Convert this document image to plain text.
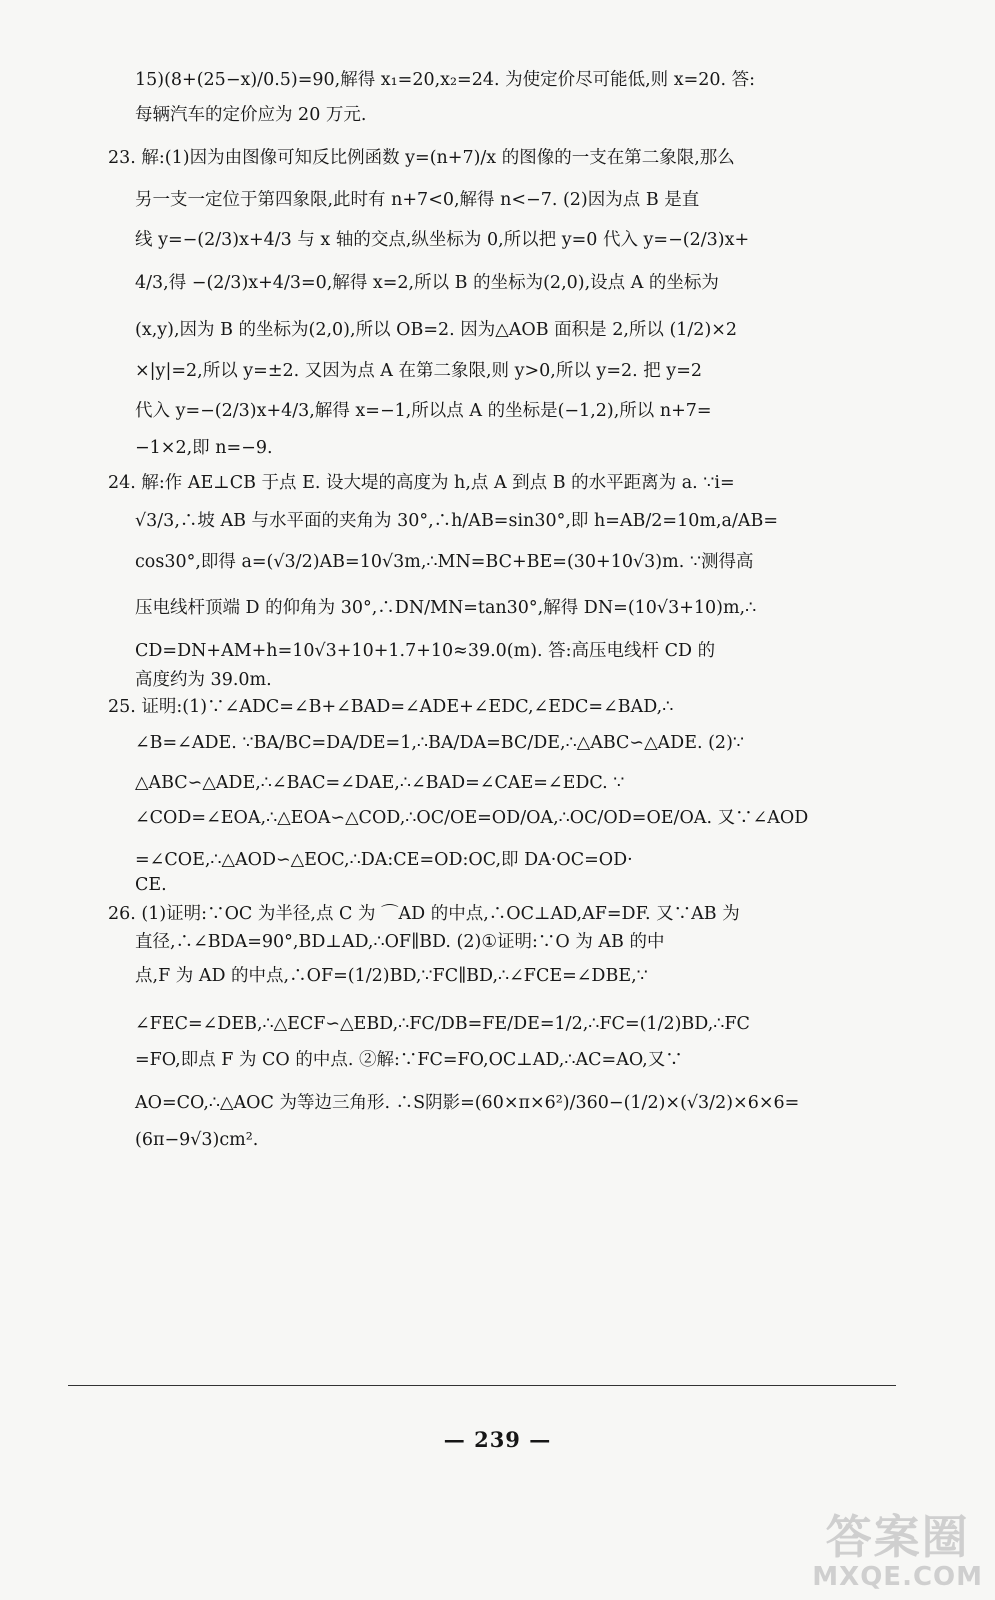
15)(8+(25−x)/0.5)=90,解得 x₁=20,x₂=24. 为使定价尽可能低,则 x=20. 答:
每辆汽车的定价应为 20 万元.
23. 解:(1)因为由图像可知反比例函数 y=(n+7)/x 的图像的一支在第二象限,那么
另一支一定位于第四象限,此时有 n+7<0,解得 n<−7. (2)因为点 B 是直
线 y=−(2/3)x+4/3 与 x 轴的交点,纵坐标为 0,所以把 y=0 代入 y=−(2/3)x+
4/3,得 −(2/3)x+4/3=0,解得 x=2,所以 B 的坐标为(2,0),设点 A 的坐标为
(x,y),因为 B 的坐标为(2,0),所以 OB=2. 因为△AOB 面积是 2,所以 (1/2)×2
×|y|=2,所以 y=±2. 又因为点 A 在第二象限,则 y>0,所以 y=2. 把 y=2
代入 y=−(2/3)x+4/3,解得 x=−1,所以点 A 的坐标是(−1,2),所以 n+7=
−1×2,即 n=−9.
24. 解:作 AE⊥CB 于点 E. 设大堤的高度为 h,点 A 到点 B 的水平距离为 a. ∵i=
√3/3,∴坡 AB 与水平面的夹角为 30°,∴h/AB=sin30°,即 h=AB/2=10m,a/AB=
cos30°,即得 a=(√3/2)AB=10√3m,∴MN=BC+BE=(30+10√3)m. ∵测得高
压电线杆顶端 D 的仰角为 30°,∴DN/MN=tan30°,解得 DN=(10√3+10)m,∴
CD=DN+AM+h=10√3+10+1.7+10≈39.0(m). 答:高压电线杆 CD 的
高度约为 39.0m.
25. 证明:(1)∵∠ADC=∠B+∠BAD=∠ADE+∠EDC,∠EDC=∠BAD,∴
∠B=∠ADE. ∵BA/BC=DA/DE=1,∴BA/DA=BC/DE,∴△ABC∽△ADE. (2)∵
△ABC∽△ADE,∴∠BAC=∠DAE,∴∠BAD=∠CAE=∠EDC. ∵
∠COD=∠EOA,∴△EOA∽△COD,∴OC/OE=OD/OA,∴OC/OD=OE/OA. 又∵∠AOD
=∠COE,∴△AOD∽△EOC,∴DA:CE=OD:OC,即 DA·OC=OD·
CE.
26. (1)证明:∵OC 为半径,点 C 为 ⌒AD 的中点,∴OC⊥AD,AF=DF. 又∵AB 为
直径,∴∠BDA=90°,BD⊥AD,∴OF∥BD. (2)①证明:∵O 为 AB 的中
点,F 为 AD 的中点,∴OF=(1/2)BD,∵FC∥BD,∴∠FCE=∠DBE,∵
∠FEC=∠DEB,∴△ECF∽△EBD,∴FC/DB=FE/DE=1/2,∴FC=(1/2)BD,∴FC
=FO,即点 F 为 CO 的中点. ②解:∵FC=FO,OC⊥AD,∴AC=AO,又∵
AO=CO,∴△AOC 为等边三角形. ∴S阴影=(60×π×6²)/360−(1/2)×(√3/2)×6×6=
(6π−9√3)cm².
— 239 —
答案圈
MXQE.COM
